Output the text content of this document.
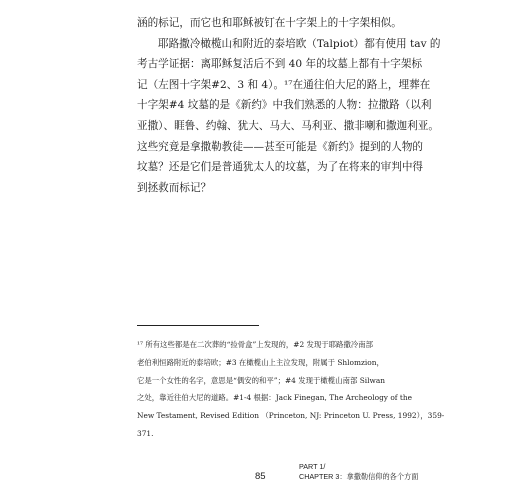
涵的标记，而它也和耶稣被钉在十字架上的十字架相似。
耶路撒冷橄榄山和附近的泰培欧（Talpiot）都有使用 tav 的
考古学证据：离耶稣复活后不到 40 年的坟墓上都有十字架标
记（左图十字架#2、3 和 4）。¹⁷在通往伯大尼的路上，埋葬在
十字架#4 坟墓的是《新约》中我们熟悉的人物：拉撒路（以利
亚撒）、睚鲁、约翰、犹大、马大、马利亚、撒非喇和撒迦利亚。
这些究竟是拿撒勒教徒——甚至可能是《新约》提到的人物的
坟墓？还是它们是普通犹太人的坟墓，为了在将来的审判中得
到拯救而标记？
¹⁷ 所有这些都是在二次葬的“捡骨盒”上发现的，#2 发现于耶路撒冷南部
老伯利恒路附近的泰培欧；#3 在橄榄山上主泣发现，附属于 Shlomzion，
它是一个女性的名字，意思是“偶安的和平”；#4 发现于橄榄山南部 Silwan
之处，靠近往伯大尼的道路。#1-4 根据：Jack Finegan, The Archeology of the
New Testament, Revised Edition （Princeton, NJ: Princeton U. Press, 1992），359-
371.
85
PART 1/
CHAPTER 3：拿撒勒信仰的各个方面
